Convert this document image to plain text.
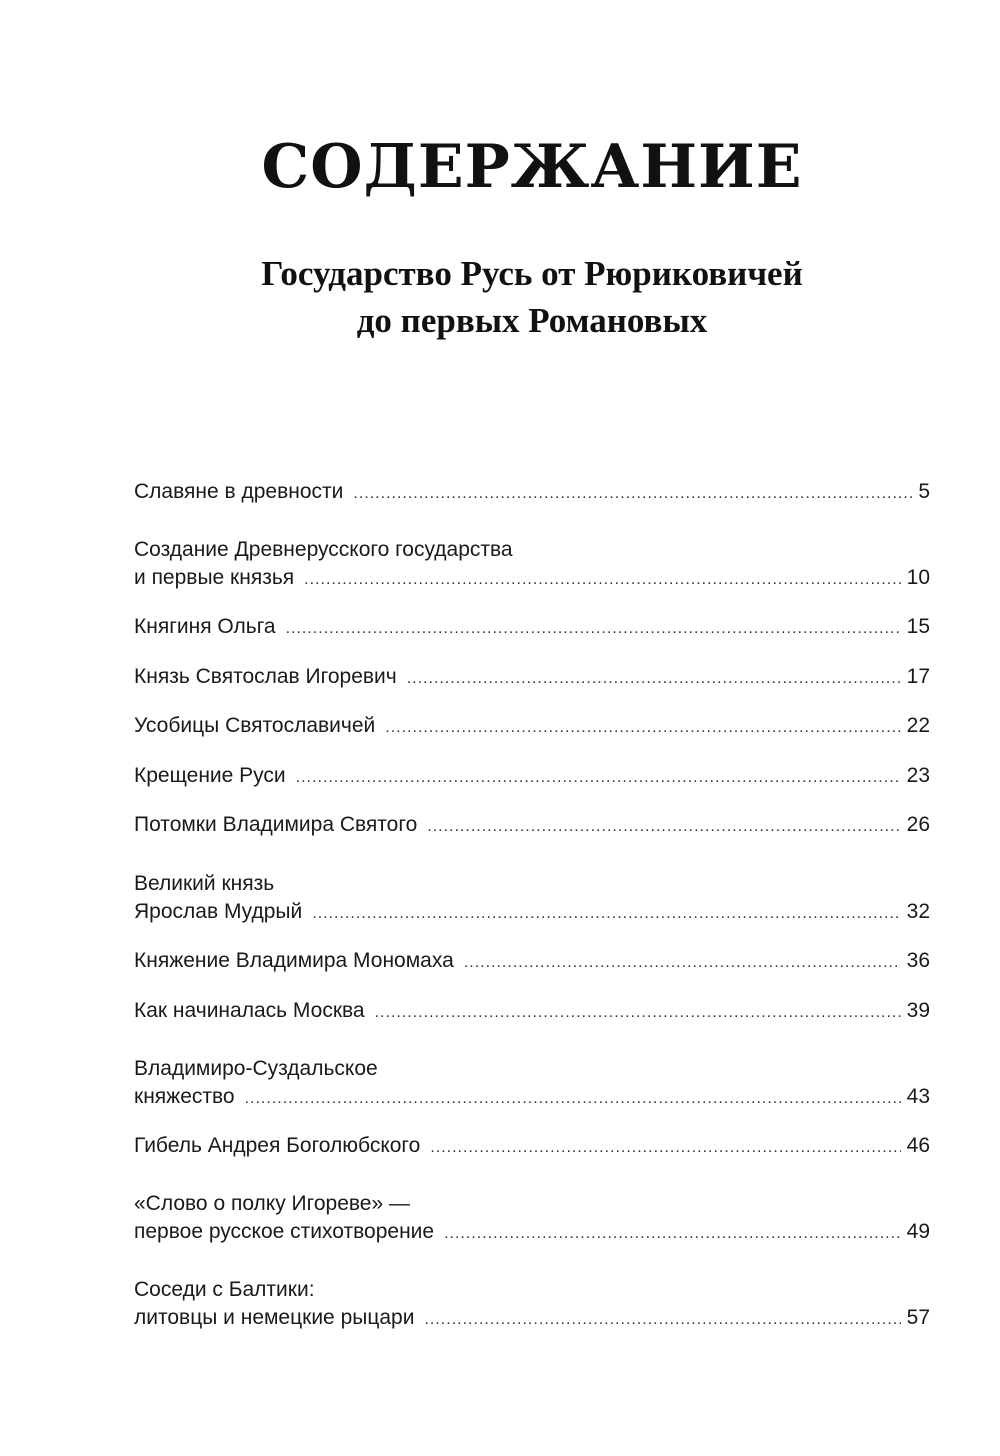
СОДЕРЖАНИЕ
Государство Русь от Рюриковичей
до первых Романовых
Славяне в древности .....	5
Создание Древнерусского государства
и первые князья .....	10
Княгиня Ольга .....	15
Князь Святослав Игоревич .....	17
Усобицы Святославичей .....	22
Крещение Руси .....	23
Потомки Владимира Святого .....	26
Великий князь
Ярослав Мудрый .....	32
Княжение Владимира Мономаха .....	36
Как начиналась Москва .....	39
Владимиро-Суздальское
княжество .....	43
Гибель Андрея Боголюбского .....	46
«Слово о полку Игореве» —
первое русское стихотворение .....	49
Соседи с Балтики:
литовцы и немецкие рыцари .....	57
